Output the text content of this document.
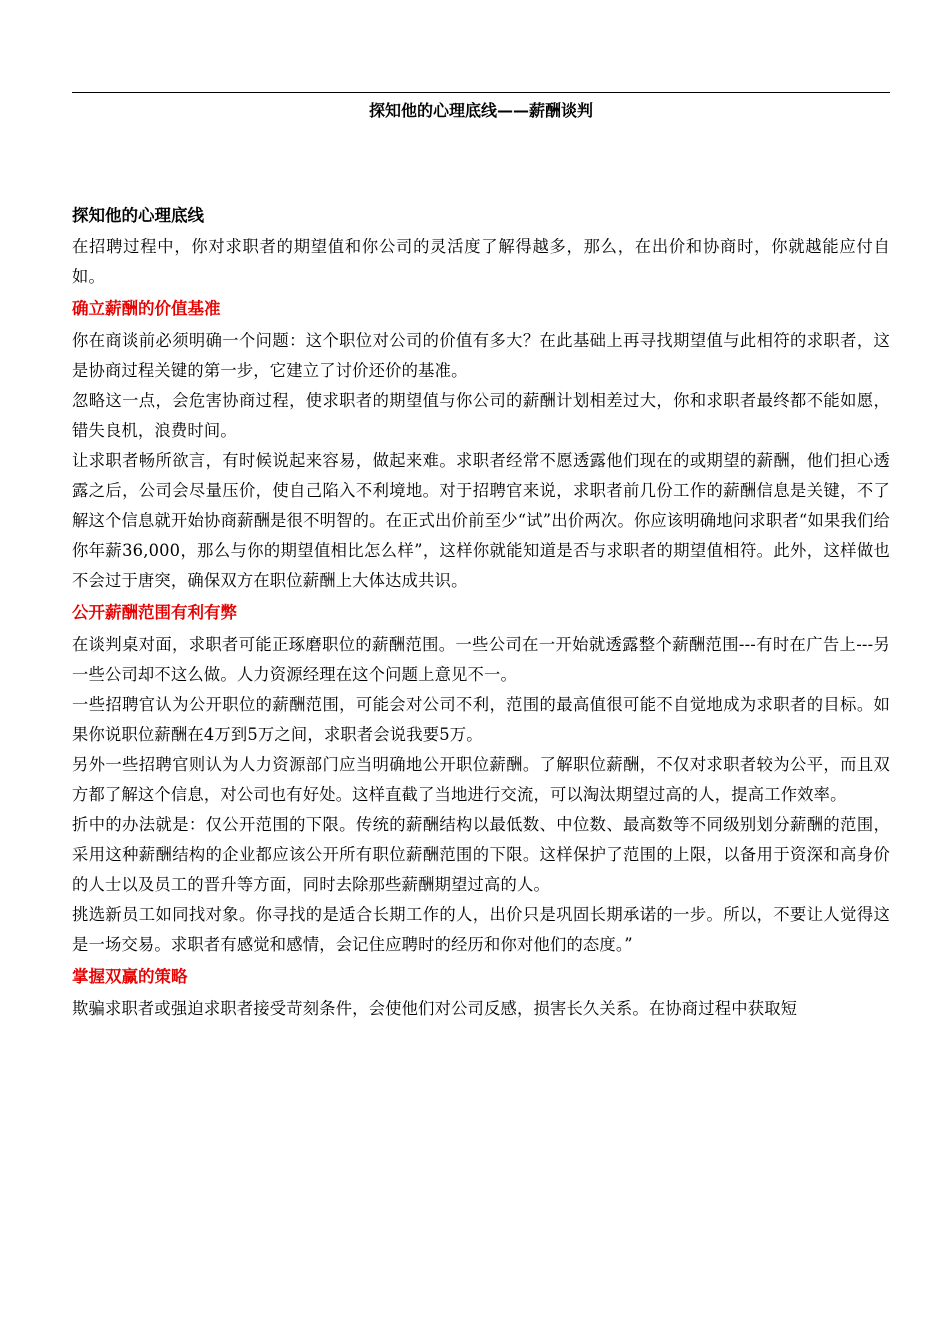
探知他的心理底线——薪酬谈判
探知他的心理底线

在招聘过程中，你对求职者的期望值和你公司的灵活度了解得越多，那么，在出价和协商时，你就越能应付自如。

确立薪酬的价值基准

你在商谈前必须明确一个问题：这个职位对公司的价值有多大？在此基础上再寻找期望值与此相符的求职者，这是协商过程关键的第一步，它建立了讨价还价的基准。

忽略这一点，会危害协商过程，使求职者的期望值与你公司的薪酬计划相差过大，你和求职者最终都不能如愿，错失良机，浪费时间。

让求职者畅所欲言，有时候说起来容易，做起来难。求职者经常不愿透露他们现在的或期望的薪酬，他们担心透露之后，公司会尽量压价，使自己陷入不利境地。对于招聘官来说，求职者前几份工作的薪酬信息是关键，不了解这个信息就开始协商薪酬是很不明智的。在正式出价前至少“试”出价两次。你应该明确地问求职者“如果我们给你年薪36,000，那么与你的期望值相比怎么样”，这样你就能知道是否与求职者的期望值相符。此外，这样做也不会过于唐突，确保双方在职位薪酬上大体达成共识。

公开薪酬范围有利有弊

在谈判桌对面，求职者可能正琢磨职位的薪酬范围。一些公司在一开始就透露整个薪酬范围---有时在广告上---另一些公司却不这么做。人力资源经理在这个问题上意见不一。

一些招聘官认为公开职位的薪酬范围，可能会对公司不利，范围的最高值很可能不自觉地成为求职者的目标。如果你说职位薪酬在4万到5万之间，求职者会说我要5万。

另外一些招聘官则认为人力资源部门应当明确地公开职位薪酬。了解职位薪酬，不仅对求职者较为公平，而且双方都了解这个信息，对公司也有好处。这样直截了当地进行交流，可以淘汰期望过高的人，提高工作效率。

折中的办法就是：仅公开范围的下限。传统的薪酬结构以最低数、中位数、最高数等不同级别划分薪酬的范围，采用这种薪酬结构的企业都应该公开所有职位薪酬范围的下限。这样保护了范围的上限，以备用于资深和高身价的人士以及员工的晋升等方面，同时去除那些薪酬期望过高的人。

挑选新员工如同找对象。你寻找的是适合长期工作的人，出价只是巩固长期承诺的一步。所以，不要让人觉得这是一场交易。求职者有感觉和感情，会记住应聘时的经历和你对他们的态度。”

掌握双赢的策略

欺骗求职者或强迫求职者接受苛刻条件，会使他们对公司反感，损害长久关系。在协商过程中获取短
